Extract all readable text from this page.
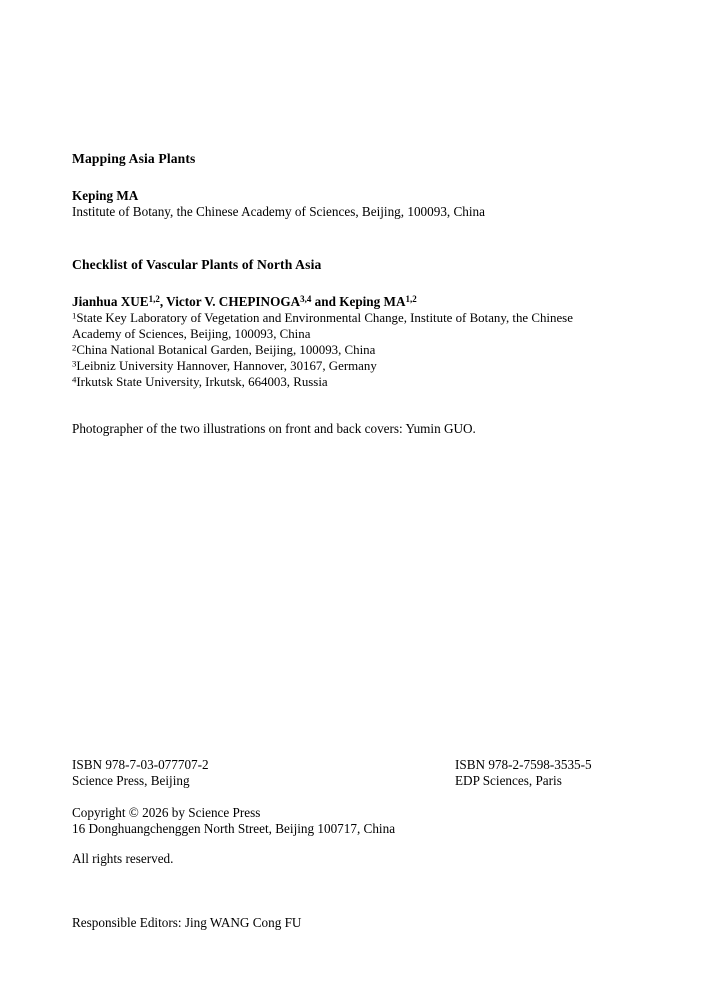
Mapping Asia Plants
Keping MA
Institute of Botany, the Chinese Academy of Sciences, Beijing, 100093, China
Checklist of Vascular Plants of North Asia
Jianhua XUE$^{1,2}$, Victor V. CHEPINOGA$^{3,4}$ and Keping MA$^{1,2}$
$^1$State Key Laboratory of Vegetation and Environmental Change, Institute of Botany, the Chinese
Academy of Sciences, Beijing, 100093, China
$^2$China National Botanical Garden, Beijing, 100093, China
$^3$Leibniz University Hannover, Hannover, 30167, Germany
$^4$Irkutsk State University, Irkutsk, 664003, Russia
Photographer of the two illustrations on front and back covers: Yumin GUO.
ISBN 978-7-03-077707-2
Science Press, Beijing
ISBN 978-2-7598-3535-5
EDP Sciences, Paris
Copyright © 2026 by Science Press
16 Donghuangchenggen North Street, Beijing 100717, China
All rights reserved.
Responsible Editors: Jing WANG Cong FU
